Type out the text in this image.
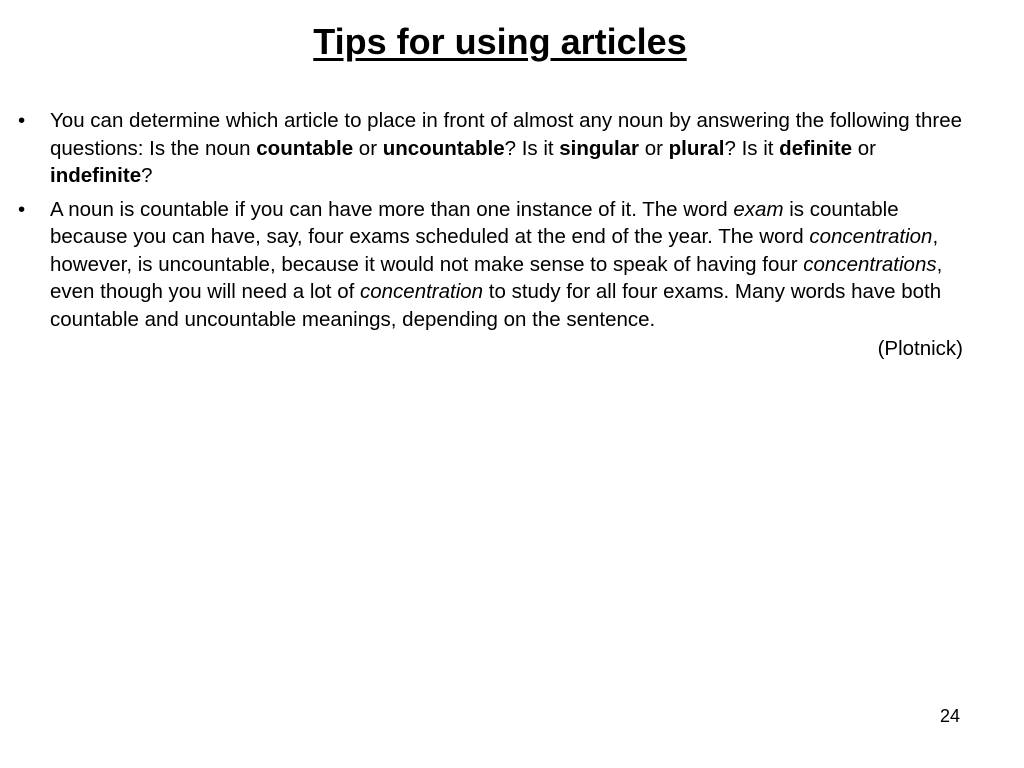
Tips for using articles
• You can determine which article to place in front of almost any noun by answering the following three questions: Is the noun countable or uncountable? Is it singular or plural? Is it definite or indefinite?
• A noun is countable if you can have more than one instance of it. The word exam is countable because you can have, say, four exams scheduled at the end of the year. The word concentration, however, is uncountable, because it would not make sense to speak of having four concentrations, even though you will need a lot of concentration to study for all four exams. Many words have both countable and uncountable meanings, depending on the sentence.
(Plotnick)
24
